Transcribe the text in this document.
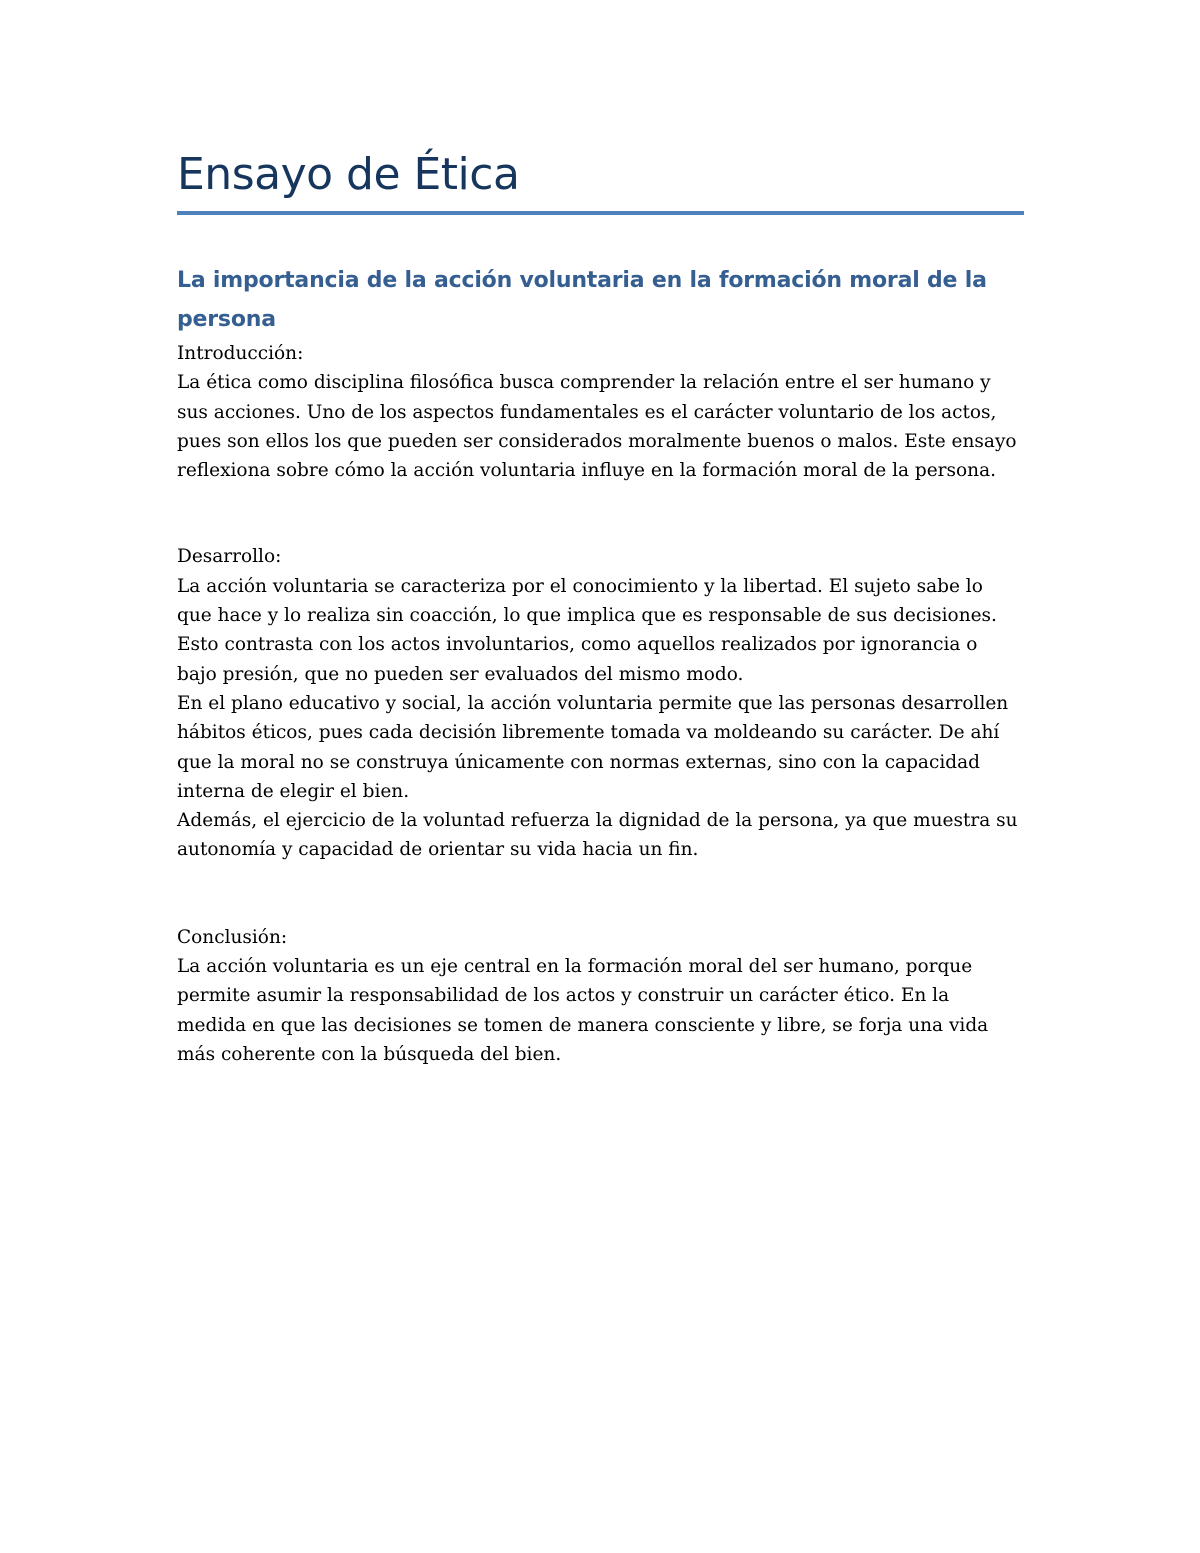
Ensayo de Ética
La importancia de la acción voluntaria en la formación moral de la persona
Introducción:

La ética como disciplina filosófica busca comprender la relación entre el ser humano y sus acciones. Uno de los aspectos fundamentales es el carácter voluntario de los actos, pues son ellos los que pueden ser considerados moralmente buenos o malos. Este ensayo reflexiona sobre cómo la acción voluntaria influye en la formación moral de la persona.

Desarrollo:

La acción voluntaria se caracteriza por el conocimiento y la libertad. El sujeto sabe lo que hace y lo realiza sin coacción, lo que implica que es responsable de sus decisiones. Esto contrasta con los actos involuntarios, como aquellos realizados por ignorancia o bajo presión, que no pueden ser evaluados del mismo modo.

En el plano educativo y social, la acción voluntaria permite que las personas desarrollen hábitos éticos, pues cada decisión libremente tomada va moldeando su carácter. De ahí que la moral no se construya únicamente con normas externas, sino con la capacidad interna de elegir el bien.

Además, el ejercicio de la voluntad refuerza la dignidad de la persona, ya que muestra su autonomía y capacidad de orientar su vida hacia un fin.

Conclusión:

La acción voluntaria es un eje central en la formación moral del ser humano, porque permite asumir la responsabilidad de los actos y construir un carácter ético. En la medida en que las decisiones se tomen de manera consciente y libre, se forja una vida más coherente con la búsqueda del bien.
